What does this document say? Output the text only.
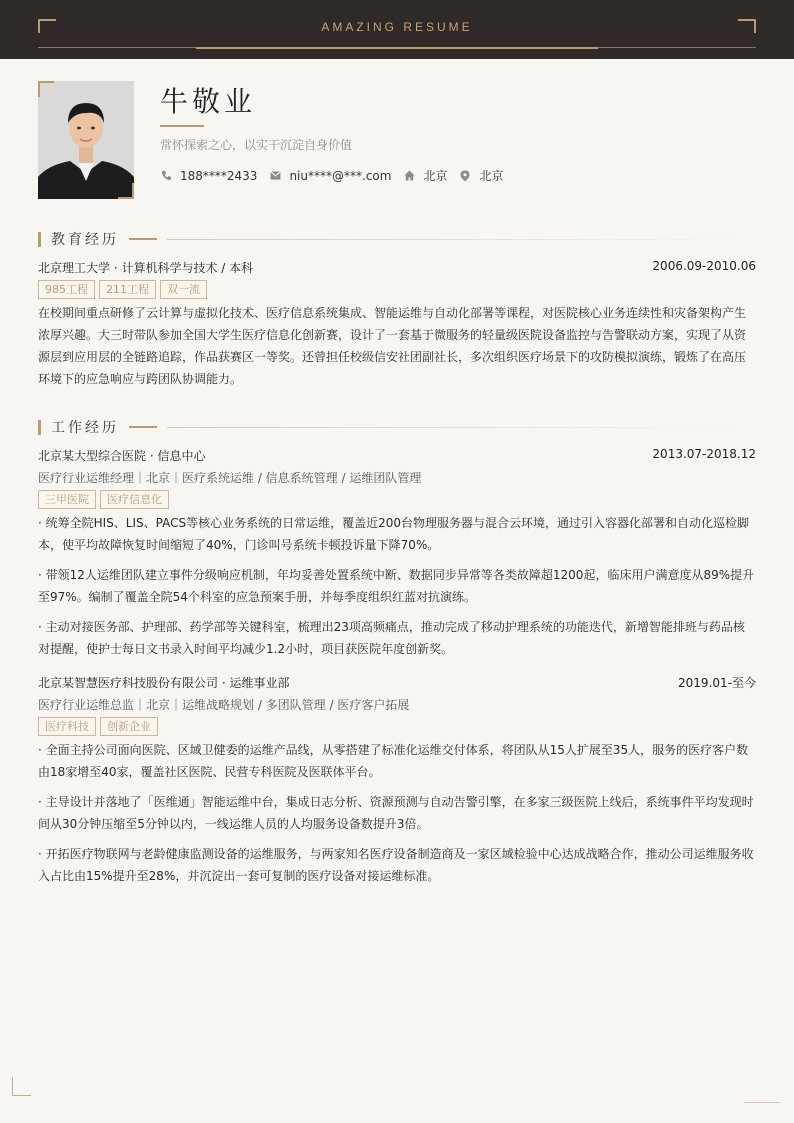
AMAZING RESUME
牛敬业
常怀探索之心，以实干沉淀自身价值
188****2433	niu****@***.com	北京	北京
教育经历
北京理工大学 · 计算机科学与技术 / 本科	2006.09-2010.06
985工程	211工程	双一流

在校期间重点研修了云计算与虚拟化技术、医疗信息系统集成、智能运维与自动化部署等课程，对医院核心业务连续性和灾备架构产生浓厚兴趣。大三时带队参加全国大学生医疗信息化创新赛，设计了一套基于微服务的轻量级医院设备监控与告警联动方案，实现了从资源层到应用层的全链路追踪，作品获赛区一等奖。还曾担任校级信安社团副社长，多次组织医疗场景下的攻防模拟演练，锻炼了在高压环境下的应急响应与跨团队协调能力。

工作经历
北京某大型综合医院 · 信息中心	2013.07-2018.12
医疗行业运维经理｜北京｜医疗系统运维 / 信息系统管理 / 运维团队管理
三甲医院	医疗信息化

· 统筹全院HIS、LIS、PACS等核心业务系统的日常运维，覆盖近200台物理服务器与混合云环境，通过引入容器化部署和自动化巡检脚本，使平均故障恢复时间缩短了40%，门诊叫号系统卡顿投诉量下降70%。

· 带领12人运维团队建立事件分级响应机制，年均妥善处置系统中断、数据同步异常等各类故障超1200起，临床用户满意度从89%提升至97%。编制了覆盖全院54个科室的应急预案手册，并每季度组织红蓝对抗演练。

· 主动对接医务部、护理部、药学部等关键科室，梳理出23项高频痛点，推动完成了移动护理系统的功能迭代，新增智能排班与药品核对提醒，使护士每日文书录入时间平均减少1.2小时，项目获医院年度创新奖。

北京某智慧医疗科技股份有限公司 · 运维事业部	2019.01-至今
医疗行业运维总监｜北京｜运维战略规划 / 多团队管理 / 医疗客户拓展
医疗科技	创新企业

· 全面主持公司面向医院、区域卫健委的运维产品线，从零搭建了标准化运维交付体系，将团队从15人扩展至35人，服务的医疗客户数由18家增至40家，覆盖社区医院、民营专科医院及医联体平台。

· 主导设计并落地了「医维通」智能运维中台，集成日志分析、资源预测与自动告警引擎，在多家三级医院上线后，系统事件平均发现时间从30分钟压缩至5分钟以内，一线运维人员的人均服务设备数提升3倍。

· 开拓医疗物联网与老龄健康监测设备的运维服务，与两家知名医疗设备制造商及一家区域检验中心达成战略合作，推动公司运维服务收入占比由15%提升至28%，并沉淀出一套可复制的医疗设备对接运维标准。
